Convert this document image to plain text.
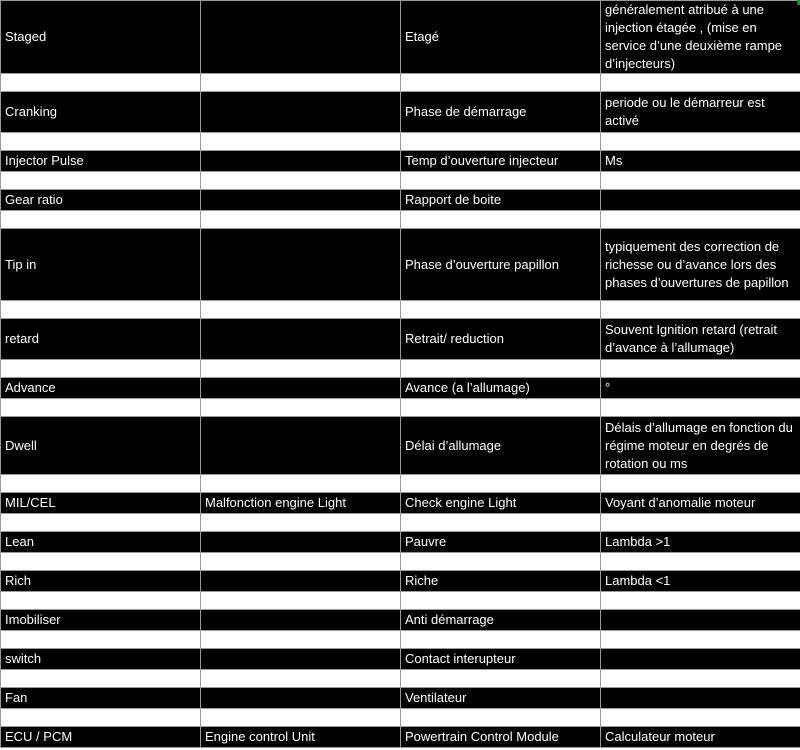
Staged		Etagé	généralement atribué à une injection étagée , (mise en service d’une deuxième rampe d’injecteurs)

Cranking		Phase de démarrage	periode ou le démarreur est activé

Injector Pulse		Temp d’ouverture injecteur	Ms

Gear ratio		Rapport de boite	

Tip in		Phase d’ouverture papillon	typiquement des correction de richesse ou d’avance lors des phases d’ouvertures de papillon

retard		Retrait/ reduction	Souvent Ignition retard (retrait d’avance à l’allumage)

Advance		Avance (a l’allumage)	°

Dwell		Délai d’allumage	Délais d’allumage en fonction du régime moteur en degrés de rotation ou ms

MIL/CEL	Malfonction engine Light	Check engine Light	Voyant d’anomalie moteur

Lean		Pauvre	Lambda >1

Rich		Riche	Lambda <1

Imobiliser		Anti démarrage	

switch		Contact interupteur	

Fan		Ventilateur	

ECU / PCM	Engine control Unit	Powertrain Control Module	Calculateur moteur
